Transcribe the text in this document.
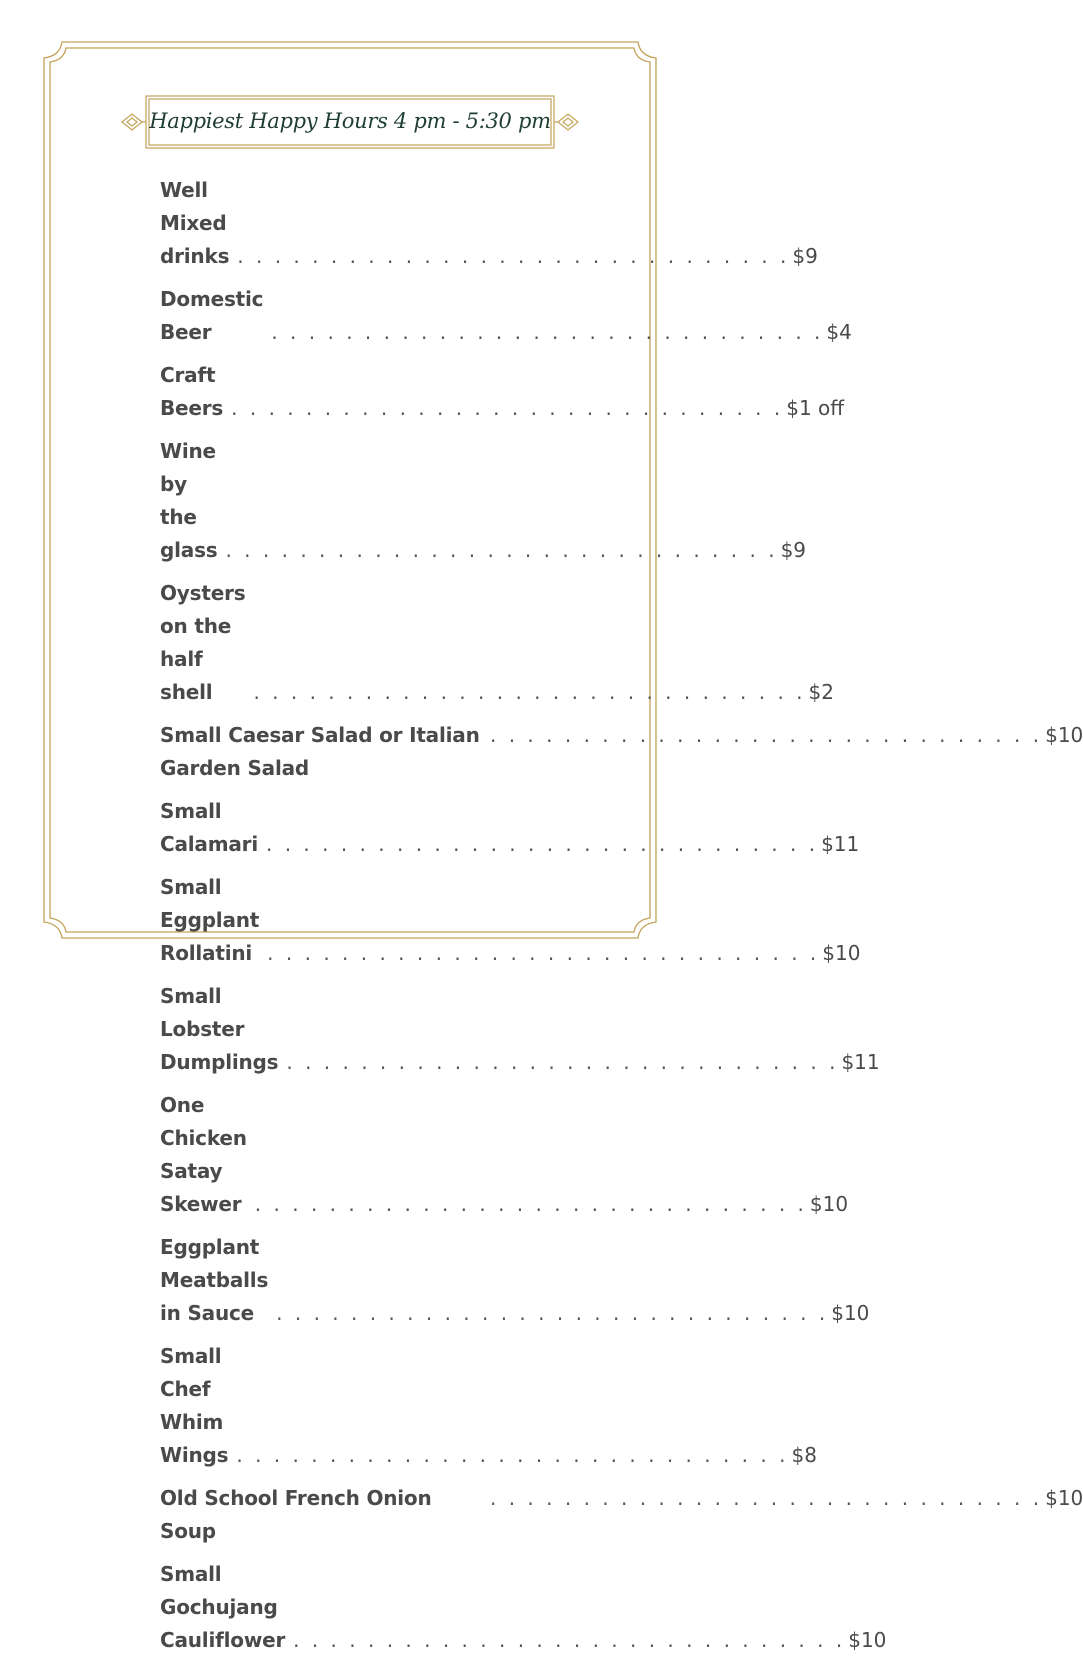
Happiest Happy Hours 4 pm - 5:30 pm
Well Mixed drinks . . . . . . . . . . . . . . . . . . . . . . . . . . . . . . $9
Domestic Beer	. . . . . . . . . . . . . . . . . . . . . . . . . . . . . . $4
Craft Beers . . . . . . . . . . . . . . . . . . . . . . . . . . . . . . $1 off
Wine by the glass . . . . . . . . . . . . . . . . . . . . . . . . . . . . . . $9
Oysters on the half shell	. . . . . . . . . . . . . . . . . . . . . . . . . . . . . . $2
Small Caesar Salad or Italian Garden Salad
. . . . . . . . . . . . . . . . . . . . . . . . . . . . . . $10
Small Calamari . . . . . . . . . . . . . . . . . . . . . . . . . . . . . . $11
Small Eggplant Rollatini . . . . . . . . . . . . . . . . . . . . . . . . . . . . . . $10
Small Lobster Dumplings . . . . . . . . . . . . . . . . . . . . . . . . . . . . . . $11
One Chicken Satay Skewer . . . . . . . . . . . . . . . . . . . . . . . . . . . . . . $10
Eggplant Meatballs in Sauce	. . . . . . . . . . . . . . . . . . . . . . . . . . . . . . $10
Small Chef Whim Wings . . . . . . . . . . . . . . . . . . . . . . . . . . . . . . $8
Old School French Onion Soup
. . . . . . . . . . . . . . . . . . . . . . . . . . . . . . $10
Small Gochujang Cauliflower . . . . . . . . . . . . . . . . . . . . . . . . . . . . . . $10
